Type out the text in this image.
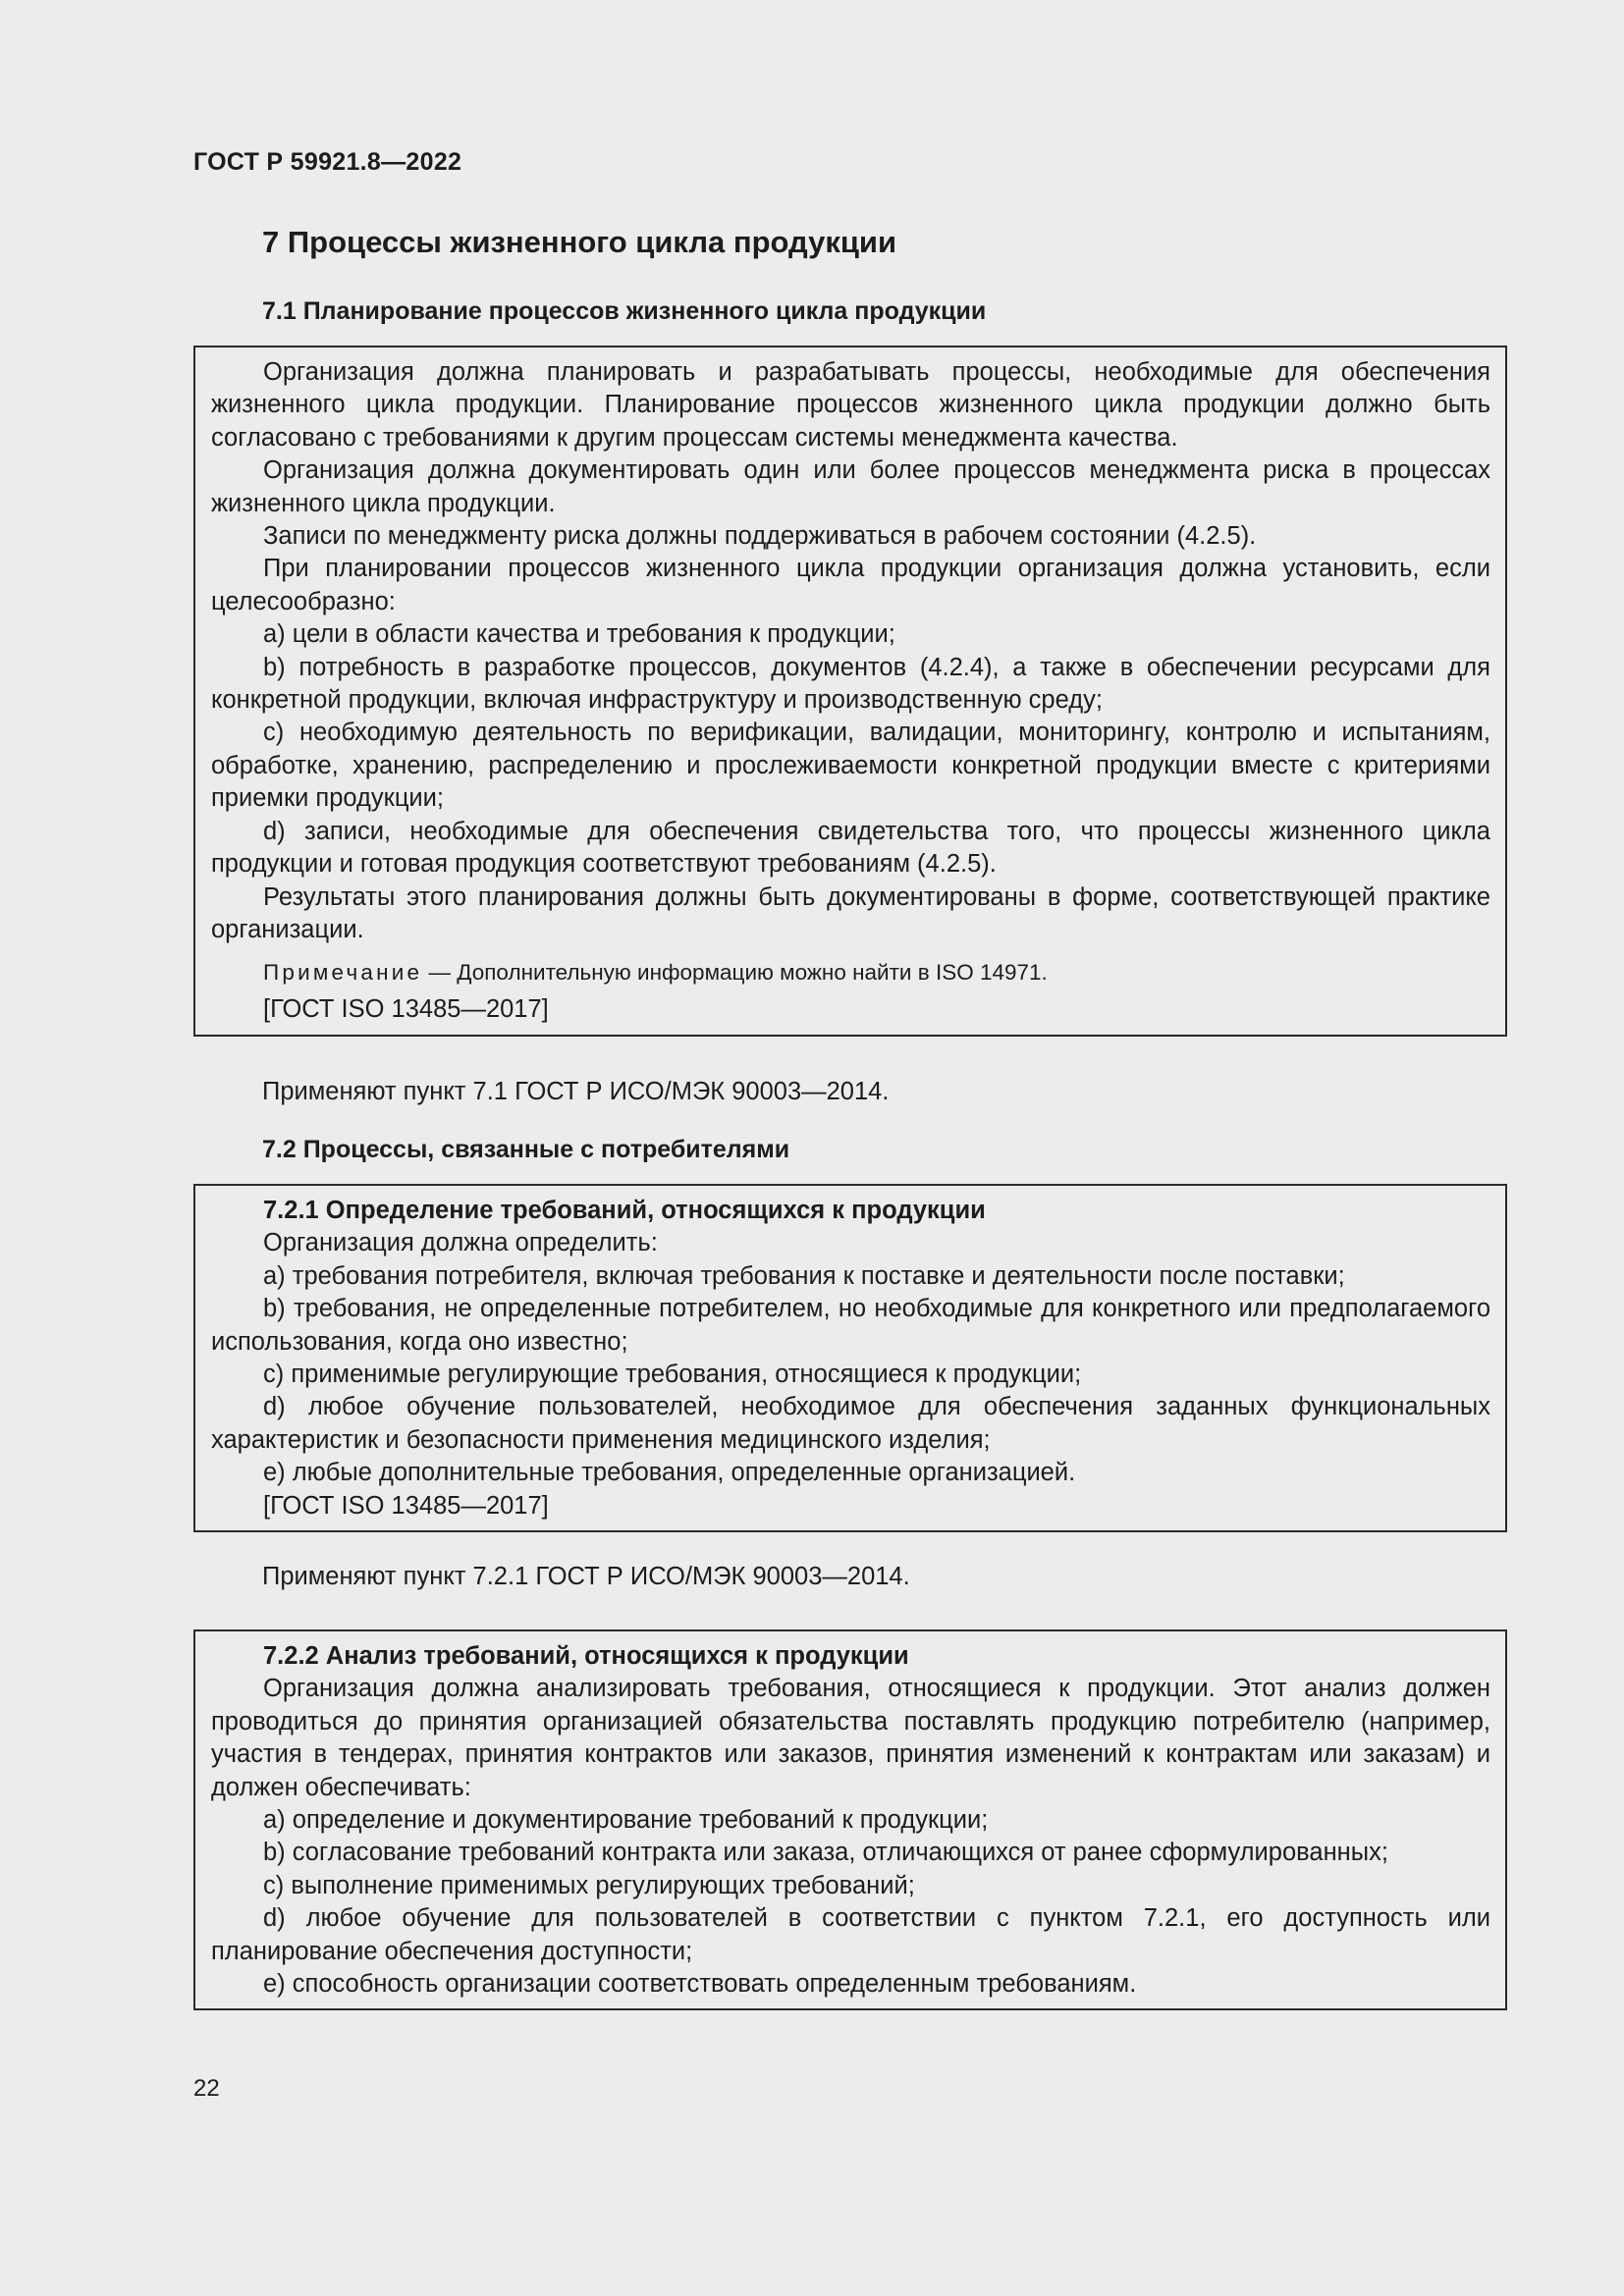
ГОСТ Р 59921.8—2022
7 Процессы жизненного цикла продукции
7.1 Планирование процессов жизненного цикла продукции

Организация должна планировать и разрабатывать процессы, необходимые для обеспечения жизненного цикла продукции. Планирование процессов жизненного цикла продукции должно быть согласовано с требованиями к другим процессам системы менеджмента качества.

Организация должна документировать один или более процессов менеджмента риска в процессах жизненного цикла продукции.

Записи по менеджменту риска должны поддерживаться в рабочем состоянии (4.2.5).

При планировании процессов жизненного цикла продукции организация должна установить, если целесообразно:

a) цели в области качества и требования к продукции;

b) потребность в разработке процессов, документов (4.2.4), а также в обеспечении ресурсами для конкретной продукции, включая инфраструктуру и производственную среду;

c) необходимую деятельность по верификации, валидации, мониторингу, контролю и испытаниям, обработке, хранению, распределению и прослеживаемости конкретной продукции вместе с критериями приемки продукции;

d) записи, необходимые для обеспечения свидетельства того, что процессы жизненного цикла продукции и готовая продукция соответствуют требованиям (4.2.5).

Результаты этого планирования должны быть документированы в форме, соответствующей практике организации.

Примечание — Дополнительную информацию можно найти в ISO 14971.

[ГОСТ ISO 13485—2017]

Применяют пункт 7.1 ГОСТ Р ИСО/МЭК 90003—2014.
7.2 Процессы, связанные с потребителями

7.2.1 Определение требований, относящихся к продукции

Организация должна определить:

a) требования потребителя, включая требования к поставке и деятельности после поставки;

b) требования, не определенные потребителем, но необходимые для конкретного или предполагаемого использования, когда оно известно;

c) применимые регулирующие требования, относящиеся к продукции;

d) любое обучение пользователей, необходимое для обеспечения заданных функциональных характеристик и безопасности применения медицинского изделия;

e) любые дополнительные требования, определенные организацией.

[ГОСТ ISO 13485—2017]

Применяют пункт 7.2.1 ГОСТ Р ИСО/МЭК 90003—2014.

7.2.2 Анализ требований, относящихся к продукции

Организация должна анализировать требования, относящиеся к продукции. Этот анализ должен проводиться до принятия организацией обязательства поставлять продукцию потребителю (например, участия в тендерах, принятия контрактов или заказов, принятия изменений к контрактам или заказам) и должен обеспечивать:

a) определение и документирование требований к продукции;

b) согласование требований контракта или заказа, отличающихся от ранее сформулированных;

c) выполнение применимых регулирующих требований;

d) любое обучение для пользователей в соответствии с пунктом 7.2.1, его доступность или планирование обеспечения доступности;

e) способность организации соответствовать определенным требованиям.

22
